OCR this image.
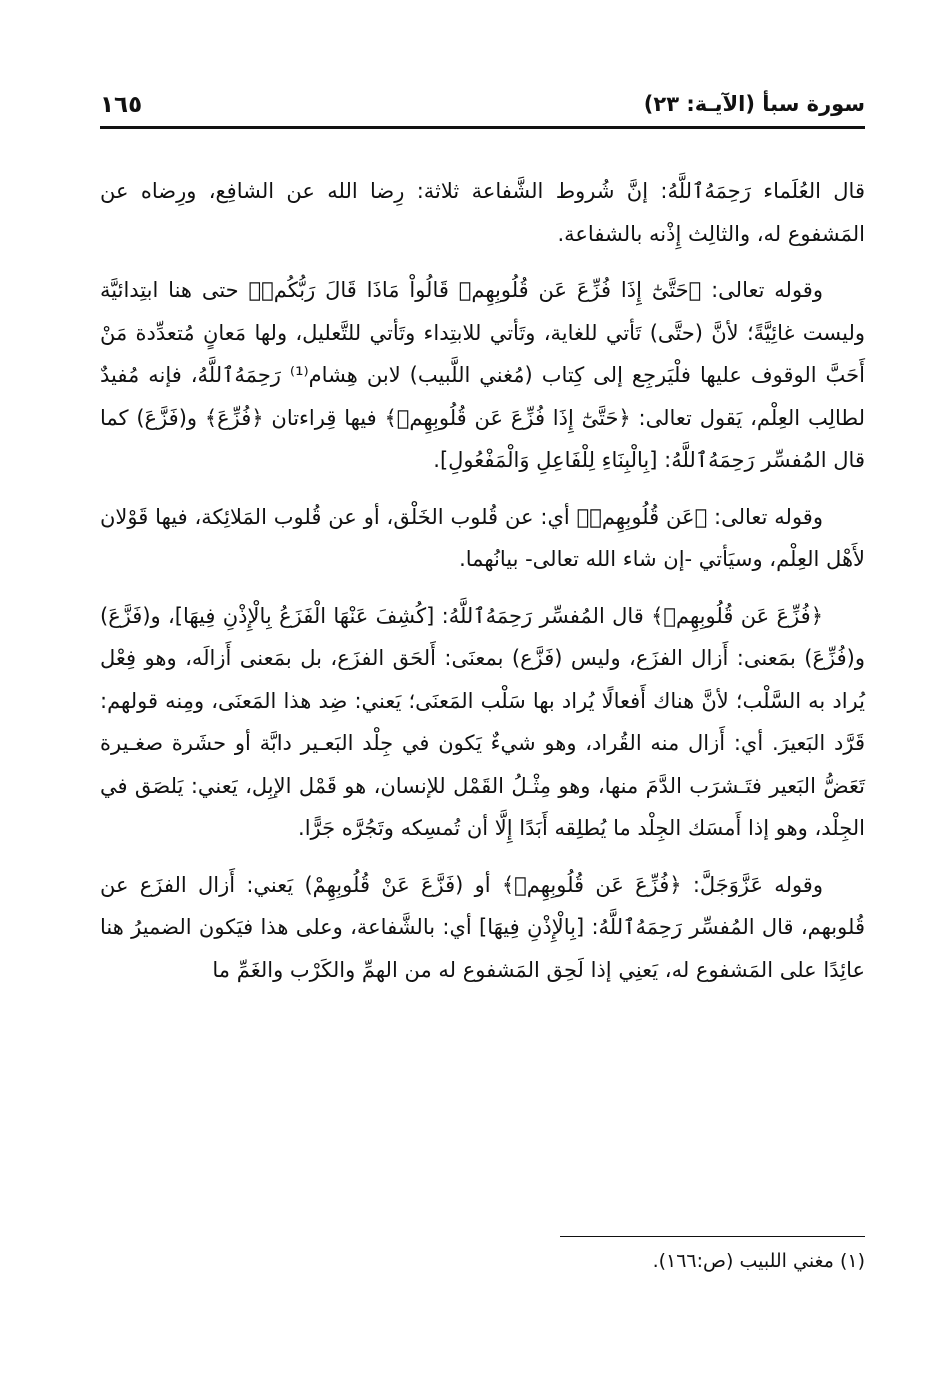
سورة سبأ (الآيـة: ٢٣)
١٦٥

قال العُلَماء رَحِمَهُ‌ٱللَّهُ: إنَّ شُروط الشَّفاعة ثلاثة: رِضا الله عن الشافِع، ورِضاه عن المَشفوع له، والثالِث إِذْنه بالشفاعة.

وقوله تعالى: ﴿حَتَّىٰٓ إِذَا فُزِّعَ عَن قُلُوبِهِمۡ قَالُواْ مَاذَا قَالَ رَبُّكُمۡ﴾ حتى هنا ابتِدائيَّة وليست غائِيَّةً؛ لأنَّ (حتَّى) تَأتي للغاية، وتَأتي للابتِداء وتَأتي للتَّعليل، ولها مَعانٍ مُتعدِّدة مَنْ أَحَبَّ الوقوف عليها فلْيَرجِع إلى كِتاب (مُغني اللَّبيب) لابن هِشام⁽¹⁾ رَحِمَهُ‌ٱللَّهُ، فإنه مُفيدٌ لطالِب العِلْم، يَقول تعالى: ﴿حَتَّىٰٓ إِذَا فُزِّعَ عَن قُلُوبِهِمۡ﴾ فيها قِراءتان ﴿فُزِّعَ﴾ و(فَزَّعَ) كما قال المُفسِّر رَحِمَهُ‌ٱللَّهُ: [بِالْبِنَاءِ لِلْفَاعِلِ وَالْمَفْعُولِ].

وقوله تعالى: ﴿عَن قُلُوبِهِمۡ﴾ أي: عن قُلوب الخَلْق، أو عن قُلوب المَلائِكة، فيها قَوْلان لأَهْل العِلْم، وسيَأتي -إن شاء الله تعالى- بيانُهما.

﴿فُزِّعَ عَن قُلُوبِهِمۡ﴾ قال المُفسِّر رَحِمَهُ‌ٱللَّهُ: [كُشِفَ عَنْهَا الْفَزَعُ بِالْإِذْنِ فِيهَا]، و(فَزَّعَ) و(فُزِّعَ) بمَعنى: أَزال الفزَع، وليس (فَزَّع) بمعنَى: أَلحَق الفزَع، بل بمَعنى أَزالَه، وهو فِعْل يُراد به السَّلْب؛ لأنَّ هناك أَفعالًا يُراد بها سَلْب المَعنَى؛ يَعني: ضِد هذا المَعنَى، ومِنه قولهم: قَرَّد البَعيرَ. أي: أَزال منه القُراد، وهو شيءٌ يَكون في جِلْد البَعـير دابَّة أو حشَرة صغـيرة تَعَضُّ البَعير فتَـشرَب الدَّمَ منها، وهو مِثْـلُ القَمْل للإنسان، هو قَمْل الإبِل، يَعني: يَلصَق في الجِلْد، وهو إذا أَمسَك الجِلْد ما يُطلِقه أَبَدًا إِلَّا أن تُمسِكه وتَجُرَّه جَرًّا.

وقوله عَزَّوَجَلَّ: ﴿فُزِّعَ عَن قُلُوبِهِمۡ﴾ أو (فَزَّعَ عَنْ قُلُوبِهِمْ) يَعني: أَزال الفزَع عن قُلوبهم، قال المُفسِّر رَحِمَهُ‌ٱللَّهُ: [بِالْإِذْنِ فِيهَا] أي: بالشَّفاعة، وعلى هذا فيَكون الضميرُ هنا عائِدًا على المَشفوع له، يَعنِي إذا لَحِق المَشفوع له من الهمِّ والكَرْب والغَمِّ ما

(١) مغني اللبيب (ص:١٦٦).
